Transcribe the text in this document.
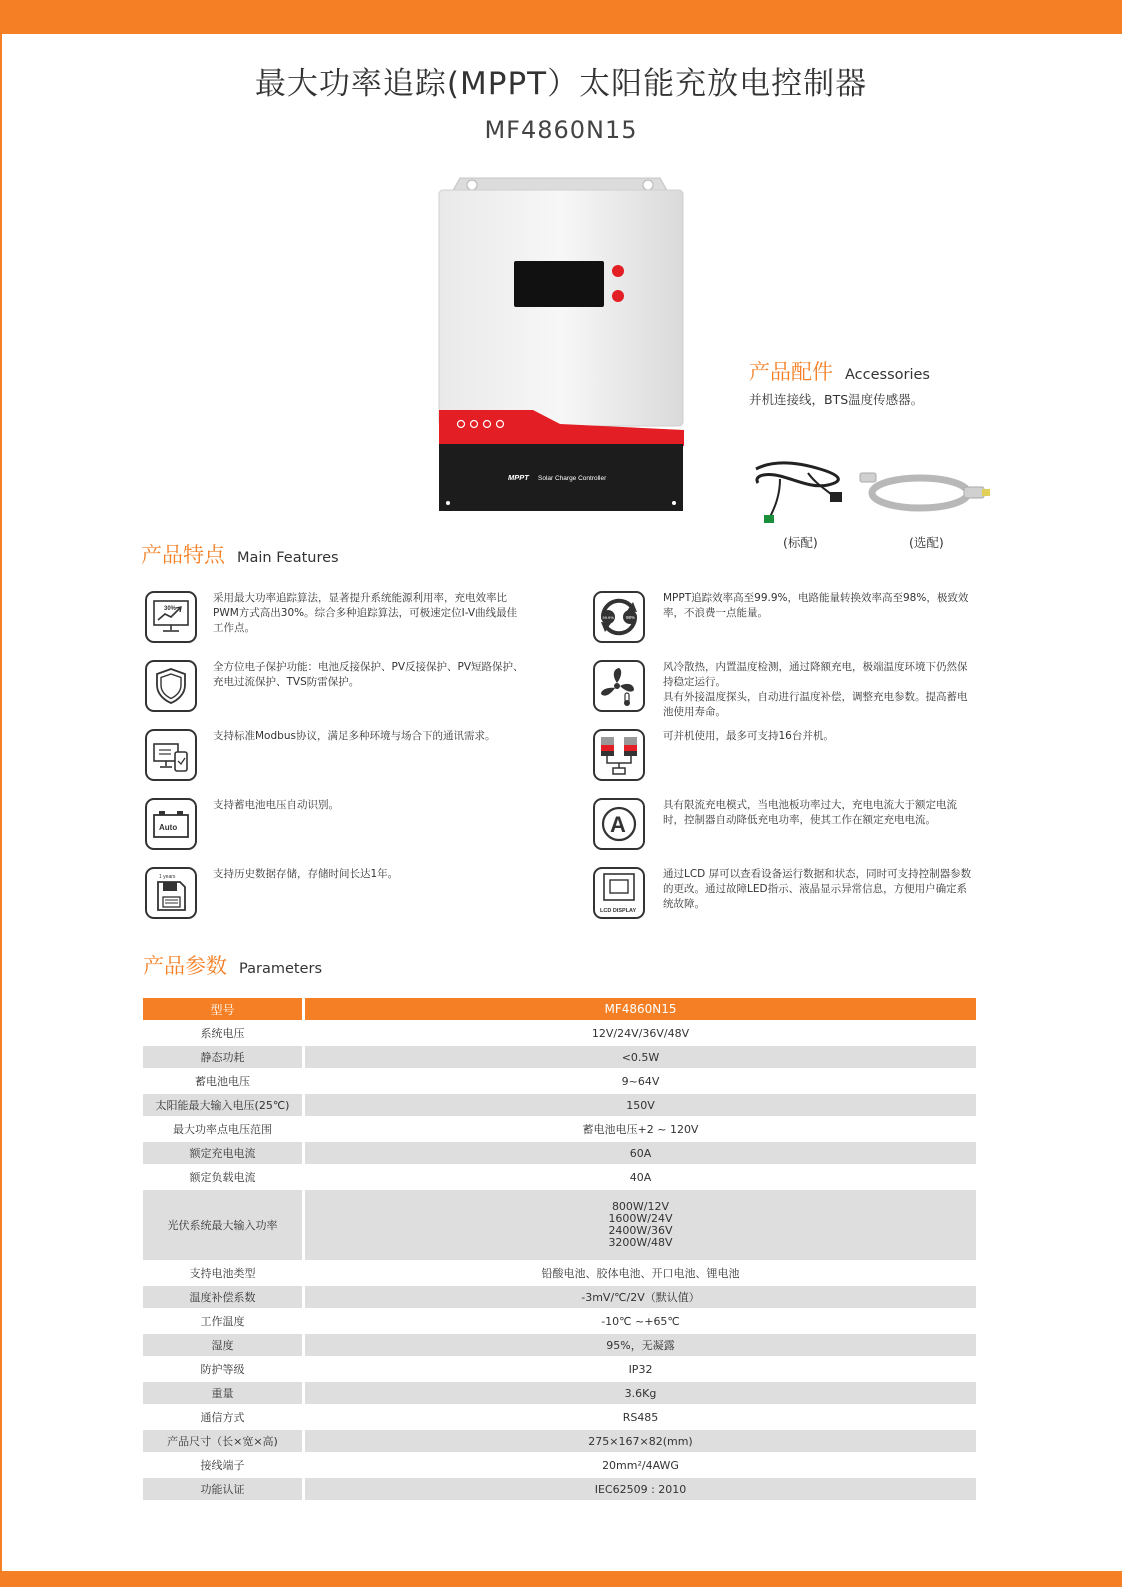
最大功率追踪(MPPT）太阳能充放电控制器
MF4860N15
MPPT Solar Charge Controller
产品配件 Accessories
并机连接线，BTS温度传感器。
(标配)	(选配)
产品特点 Main Features
30%
采用最大功率追踪算法，显著提升系统能源利用率，充电效率比PWM方式高出30%。综合多种追踪算法，可极速定位I-V曲线最佳工作点。
全方位电子保护功能：电池反接保护、PV反接保护、PV短路保护、充电过流保护、TVS防雷保护。
支持标准Modbus协议，满足多种环境与场合下的通讯需求。
Auto
支持蓄电池电压自动识别。
1 years	支持历史数据存储，存储时间长达1年。
99.9%	98%
MPPT追踪效率高至99.9%，电路能量转换效率高至98%，极致效率，不浪费一点能量。
风冷散热，内置温度检测，通过降额充电，极端温度环境下仍然保持稳定运行。
具有外接温度探头，自动进行温度补偿，调整充电参数。提高蓄电池使用寿命。
可并机使用，最多可支持16台并机。
A
具有限流充电模式，当电池板功率过大，充电电流大于额定电流时，控制器自动降低充电功率，使其工作在额定充电电流。
LCD DISPLAY
通过LCD 屏可以查看设备运行数据和状态，同时可支持控制器参数的更改。通过故障LED指示、液晶显示异常信息，方便用户确定系统故障。
产品参数 Parameters
型号		MF4860N15
系统电压		12V/24V/36V/48V
静态功耗		<0.5W
蓄电池电压		9~64V
太阳能最大输入电压(25℃)		150V
最大功率点电压范围		蓄电池电压+2 ~ 120V
额定充电电流		60A
额定负载电流		40A
光伏系统最大输入功率		800W/12V
1600W/24V
2400W/36V
3200W/48V
支持电池类型		铅酸电池、胶体电池、开口电池、锂电池
温度补偿系数		-3mV/℃/2V（默认值）
工作温度		-10℃ ~+65℃
湿度		95%，无凝露
防护等级		IP32
重量		3.6Kg
通信方式		RS485
产品尺寸（长×宽×高)		275×167×82(mm)
接线端子		20mm²/4AWG
功能认证		IEC62509 : 2010
